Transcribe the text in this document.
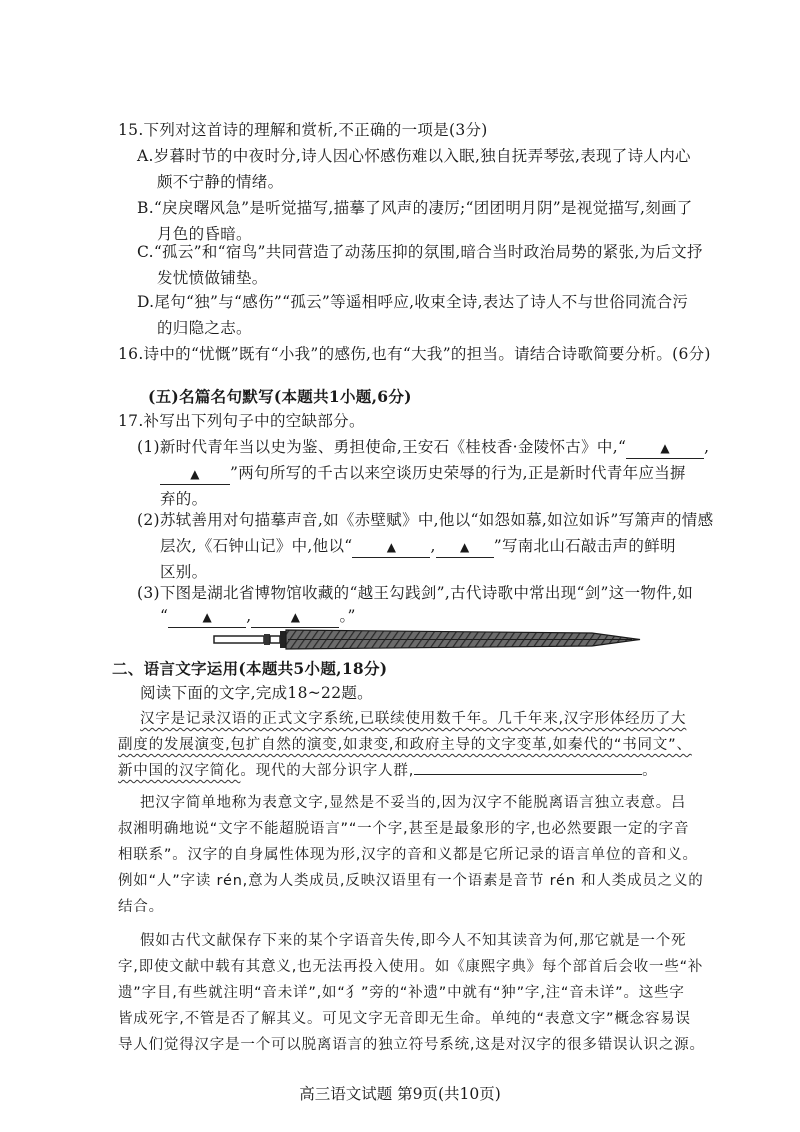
15.下列对这首诗的理解和赏析,不正确的一项是(3分)
A.岁暮时节的中夜时分,诗人因心怀感伤难以入眠,独自抚弄琴弦,表现了诗人内心
颇不宁静的情绪。
B.“戾戾曙风急”是听觉描写,描摹了风声的凄厉;“团团明月阴”是视觉描写,刻画了
月色的昏暗。
C.“孤云”和“宿鸟”共同营造了动荡压抑的氛围,暗合当时政治局势的紧张,为后文抒
发忧愤做铺垫。
D.尾句“独”与“感伤”“孤云”等遥相呼应,收束全诗,表达了诗人不与世俗同流合污
的归隐之志。
16.诗中的“忧慨”既有“小我”的感伤,也有“大我”的担当。请结合诗歌简要分析。(6分)
(五)名篇名句默写(本题共1小题,6分)
17.补写出下列句子中的空缺部分。
(1)新时代青年当以史为鉴、勇担使命,王安石《桂枝香·金陵怀古》中,“	▲ ,
▲ ”两句所写的千古以来空谈历史荣辱的行为,正是新时代青年应当摒
弃的。
(2)苏轼善用对句描摹声音,如《赤壁赋》中,他以“如怨如慕,如泣如诉”写箫声的情感
层次,《石钟山记》中,他以“	▲ , ▲ ”写南北山石敲击声的鲜明
区别。
(3)下图是湖北省博物馆收藏的“越王勾践剑”,古代诗歌中常出现“剑”这一物件,如
“	▲ ,	▲	。”
二、语言文字运用(本题共5小题,18分)
阅读下面的文字,完成18~22题。
汉字是记录汉语的正式文字系统,已联续使用数千年。几千年来,汉字形体经历了大
副度的发展演变,包扩自然的演变,如隶变,和政府主导的文字变革,如秦代的“书同文”、
新中国的汉字简化。现代的大部分识字人群,	。
把汉字简单地称为表意文字,显然是不妥当的,因为汉字不能脱离语言独立表意。吕
叔湘明确地说“文字不能超脱语言”“一个字,甚至是最象形的字,也必然要跟一定的字音
相联系”。汉字的自身属性体现为形,汉字的音和义都是它所记录的语言单位的音和义。
例如“人”字读 rén,意为人类成员,反映汉语里有一个语素是音节 rén 和人类成员之义的
结合。
假如古代文献保存下来的某个字语音失传,即今人不知其读音为何,那它就是一个死
字,即使文献中载有其意义,也无法再投入使用。如《康熙字典》每个部首后会收一些“补
遗”字目,有些就注明“音未详”,如“犭”旁的“补遗”中就有“狆”字,注“音未详”。这些字
皆成死字,不管是否了解其义。可见文字无音即无生命。单纯的“表意文字”概念容易误
导人们觉得汉字是一个可以脱离语言的独立符号系统,这是对汉字的很多错误认识之源。
高三语文试题 第9页(共10页)
